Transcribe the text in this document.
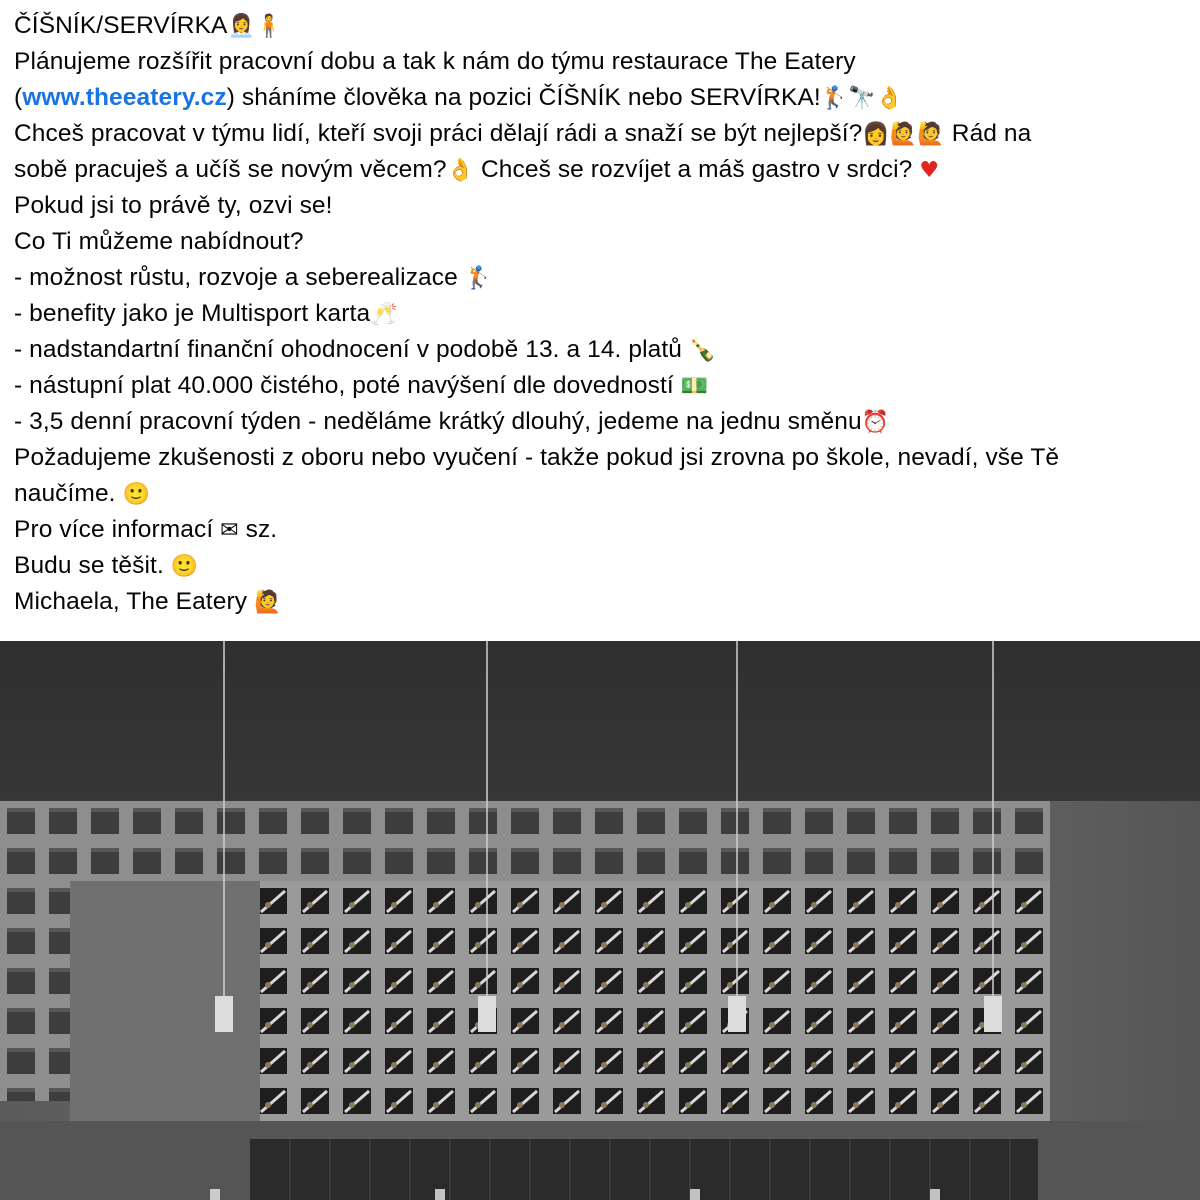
ČÍŠNÍK/SERVÍRKA👩‍💼🧍
Plánujeme rozšířit pracovní dobu a tak k nám do týmu restaurace The Eatery
(www.theeatery.cz) sháníme člověka na pozici ČÍŠNÍK nebo SERVÍRKA!🏌🔭👌
Chceš pracovat v týmu lidí, kteří svoji práci dělají rádi a snaží se být nejlepší?👩🙋🙋 Rád na
sobě pracuješ a učíš se novým věcem?👌 Chceš se rozvíjet a máš gastro v srdci? ♥
Pokud jsi to právě ty, ozvi se!
Co Ti můžeme nabídnout?
- možnost růstu, rozvoje a seberealizace 🏌
- benefity jako je Multisport karta🥂
- nadstandartní finanční ohodnocení v podobě 13. a 14. platů 🍾
- nástupní plat 40.000 čistého, poté navýšení dle dovedností 💵
- 3,5 denní pracovní týden - neděláme krátký dlouhý, jedeme na jednu směnu⏰
Požadujeme zkušenosti z oboru nebo vyučení - takže pokud jsi zrovna po škole, nevadí, vše Tě
naučíme. 🙂
Pro více informací ✉ sz.
Budu se těšit. 🙂
Michaela, The Eatery 🙋
